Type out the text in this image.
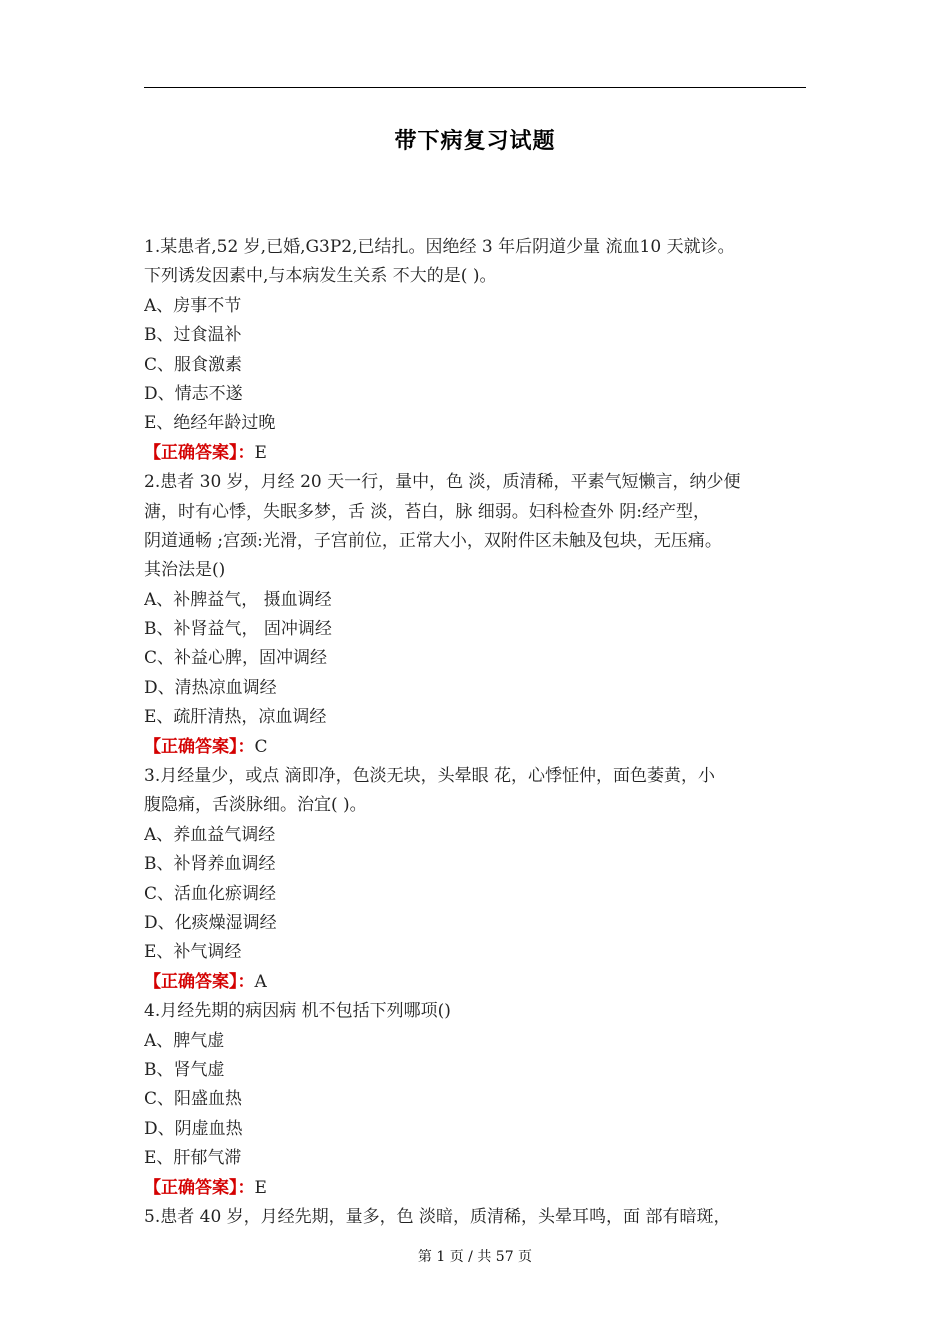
带下病复习试题
1.某患者,52 岁,已婚,G3P2,已结扎。因绝经 3 年后阴道少量 流血10 天就诊。
下列诱发因素中,与本病发生关系 不大的是( )。
A、房事不节
B、过食温补
C、服食激素
D、情志不遂
E、绝经年龄过晚
【正确答案】：E
2.患者 30 岁，月经 20 天一行，量中，色 淡，质清稀，平素气短懒言，纳少便
溏，时有心悸，失眠多梦，舌 淡，苔白，脉 细弱。妇科检查外 阴:经产型，
阴道通畅 ;宫颈:光滑，子宫前位，正常大小，双附件区未触及包块，无压痛。
其治法是()
A、补脾益气， 摄血调经
B、补肾益气， 固冲调经
C、补益心脾，固冲调经
D、清热凉血调经
E、疏肝清热，凉血调经
【正确答案】：C
3.月经量少，或点 滴即净，色淡无块，头晕眼 花，心悸怔仲，面色萎黄，小
腹隐痛，舌淡脉细。治宜( )。
A、养血益气调经
B、补肾养血调经
C、活血化瘀调经
D、化痰燥湿调经
E、补气调经
【正确答案】：A
4.月经先期的病因病 机不包括下列哪项()
A、脾气虚
B、肾气虚
C、阳盛血热
D、阴虚血热
E、肝郁气滞
【正确答案】：E
5.患者 40 岁，月经先期，量多，色 淡暗，质清稀，头晕耳鸣，面 部有暗斑，
第 1 页 / 共 57 页
